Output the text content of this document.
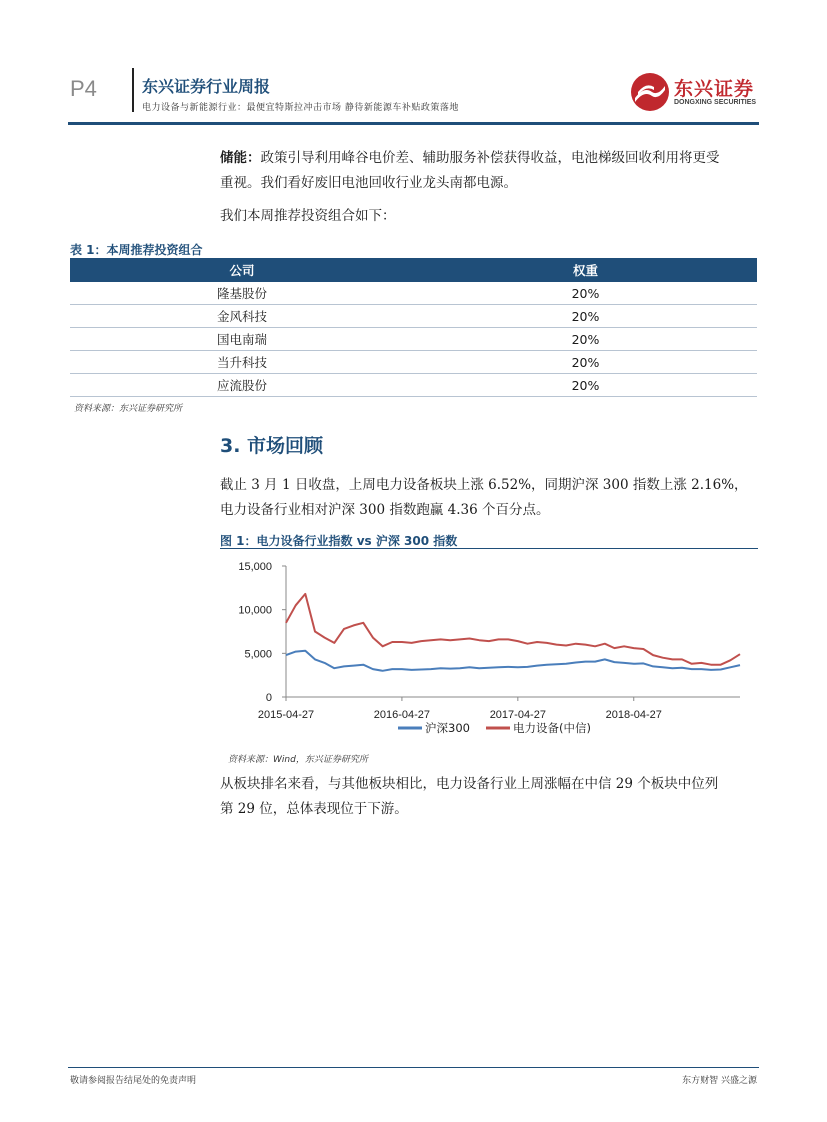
P4	东兴证券行业周报
电力设备与新能源行业：最便宜特斯拉冲击市场 静待新能源车补贴政策落地
东兴证券
DONGXING SECURITIES
储能：政策引导利用峰谷电价差、辅助服务补偿获得收益，电池梯级回收利用将更受
重视。我们看好废旧电池回收行业龙头南都电源。
我们本周推荐投资组合如下：
表 1：本周推荐投资组合
公司	权重
隆基股份	20%
金风科技	20%
国电南瑞	20%
当升科技	20%
应流股份	20%
资料来源：东兴证券研究所
3. 市场回顾
截止 3 月 1 日收盘，上周电力设备板块上涨 6.52%，同期沪深 300 指数上涨 2.16%，
电力设备行业相对沪深 300 指数跑赢 4.36 个百分点。
图 1：电力设备行业指数 vs 沪深 300 指数
0
5,000
10,000
15,000
2015-04-27	2016-04-27	2017-04-27	2018-04-27
沪深300	电力设备(中信)
资料来源：Wind，东兴证券研究所
从板块排名来看，与其他板块相比，电力设备行业上周涨幅在中信 29 个板块中位列
第 29 位，总体表现位于下游。
敬请参阅报告结尾处的免责声明	东方财智 兴盛之源
